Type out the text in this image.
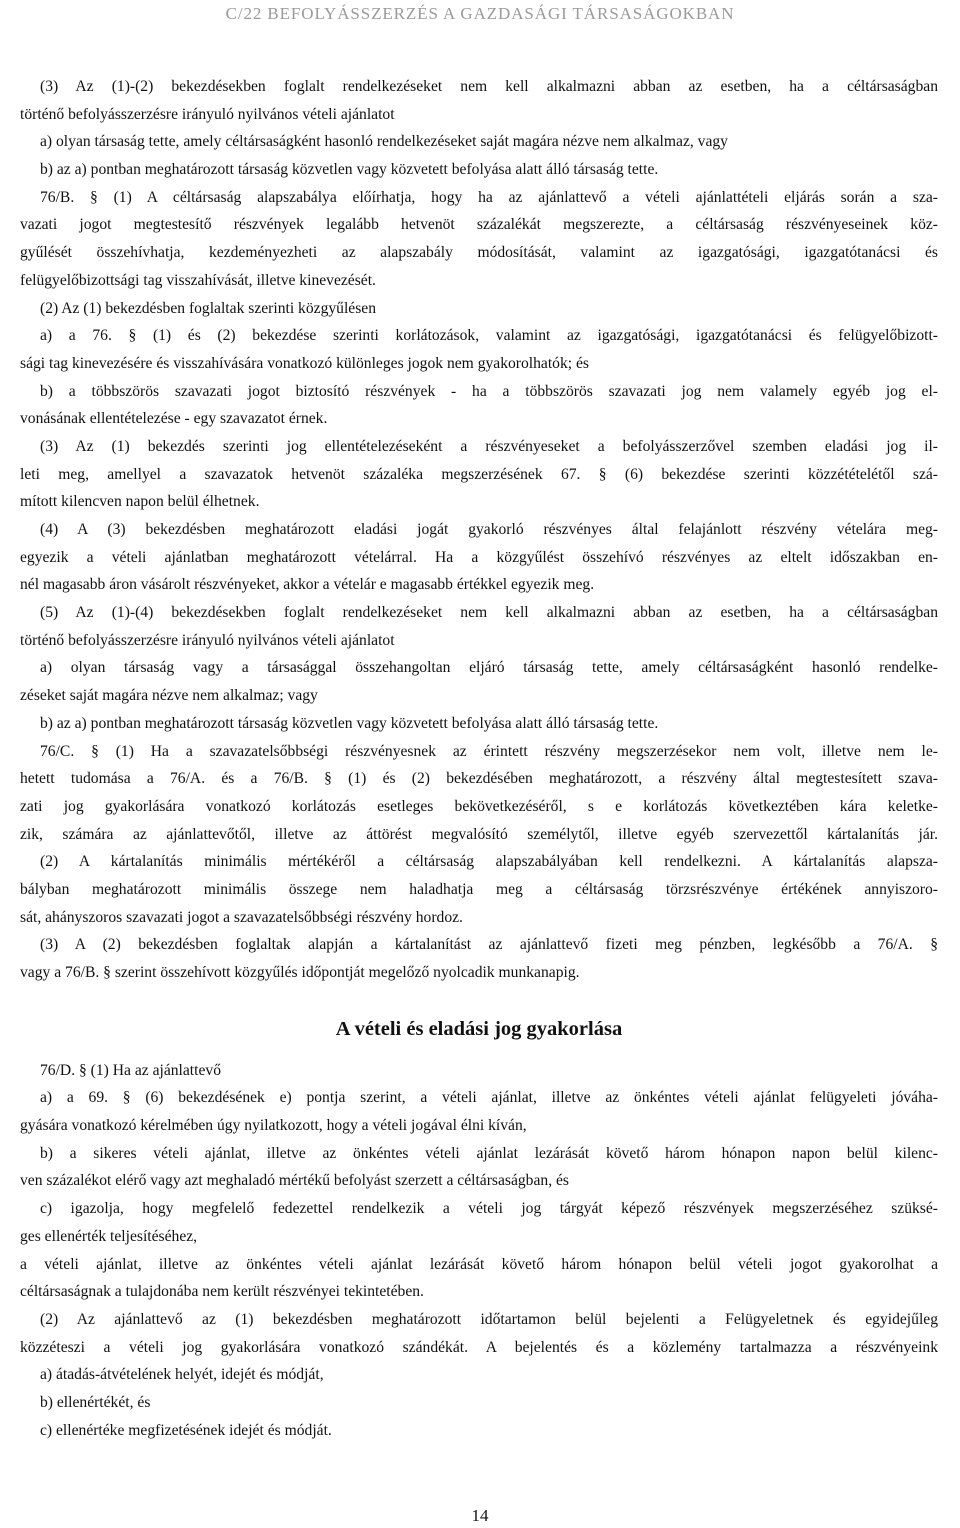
C/22 BEFOLYÁSSZERZÉS A GAZDASÁGI TÁRSASÁGOKBAN
(3) Az (1)-(2) bekezdésekben foglalt rendelkezéseket nem kell alkalmazni abban az esetben, ha a céltársaságban
történő befolyásszerzésre irányuló nyilvános vételi ajánlatot
a) olyan társaság tette, amely céltársaságként hasonló rendelkezéseket saját magára nézve nem alkalmaz, vagy
b) az a) pontban meghatározott társaság közvetlen vagy közvetett befolyása alatt álló társaság tette.
76/B. § (1) A céltársaság alapszabálya előírhatja, hogy ha az ajánlattevő a vételi ajánlattételi eljárás során a sza-
vazati jogot megtestesítő részvények legalább hetvenöt százalékát megszerezte, a céltársaság részvényeseinek köz-
gyűlését összehívhatja, kezdeményezheti az alapszabály módosítását, valamint az igazgatósági, igazgatótanácsi és
felügyelőbizottsági tag visszahívását, illetve kinevezését.
(2) Az (1) bekezdésben foglaltak szerinti közgyűlésen
a) a 76. § (1) és (2) bekezdése szerinti korlátozások, valamint az igazgatósági, igazgatótanácsi és felügyelőbizott-
sági tag kinevezésére és visszahívására vonatkozó különleges jogok nem gyakorolhatók; és
b) a többszörös szavazati jogot biztosító részvények - ha a többszörös szavazati jog nem valamely egyéb jog el-
vonásának ellentételezése - egy szavazatot érnek.
(3) Az (1) bekezdés szerinti jog ellentételezéseként a részvényeseket a befolyásszerzővel szemben eladási jog il-
leti meg, amellyel a szavazatok hetvenöt százaléka megszerzésének 67. § (6) bekezdése szerinti közzétételétől szá-
mított kilencven napon belül élhetnek.
(4) A (3) bekezdésben meghatározott eladási jogát gyakorló részvényes által felajánlott részvény vételára meg-
egyezik a vételi ajánlatban meghatározott vételárral. Ha a közgyűlést összehívó részvényes az eltelt időszakban en-
nél magasabb áron vásárolt részvényeket, akkor a vételár e magasabb értékkel egyezik meg.
(5) Az (1)-(4) bekezdésekben foglalt rendelkezéseket nem kell alkalmazni abban az esetben, ha a céltársaságban
történő befolyásszerzésre irányuló nyilvános vételi ajánlatot
a) olyan társaság vagy a társasággal összehangoltan eljáró társaság tette, amely céltársaságként hasonló rendelke-
zéseket saját magára nézve nem alkalmaz; vagy
b) az a) pontban meghatározott társaság közvetlen vagy közvetett befolyása alatt álló társaság tette.
76/C. § (1) Ha a szavazatelsőbbségi részvényesnek az érintett részvény megszerzésekor nem volt, illetve nem le-
hetett tudomása a 76/A. és a 76/B. § (1) és (2) bekezdésében meghatározott, a részvény által megtestesített szava-
zati jog gyakorlására vonatkozó korlátozás esetleges bekövetkezéséről, s e korlátozás következtében kára keletke-
zik, számára az ajánlattevőtől, illetve az áttörést megvalósító személytől, illetve egyéb szervezettől kártalanítás jár.
(2) A kártalanítás minimális mértékéről a céltársaság alapszabályában kell rendelkezni. A kártalanítás alapsza-
bályban meghatározott minimális összege nem haladhatja meg a céltársaság törzsrészvénye értékének annyiszoro-
sát, ahányszoros szavazati jogot a szavazatelsőbbségi részvény hordoz.
(3) A (2) bekezdésben foglaltak alapján a kártalanítást az ajánlattevő fizeti meg pénzben, legkésőbb a 76/A. §
vagy a 76/B. § szerint összehívott közgyűlés időpontját megelőző nyolcadik munkanapig.
A vételi és eladási jog gyakorlása
76/D. § (1) Ha az ajánlattevő
a) a 69. § (6) bekezdésének e) pontja szerint, a vételi ajánlat, illetve az önkéntes vételi ajánlat felügyeleti jóváha-
gyására vonatkozó kérelmében úgy nyilatkozott, hogy a vételi jogával élni kíván,
b) a sikeres vételi ajánlat, illetve az önkéntes vételi ajánlat lezárását követő három hónapon napon belül kilenc-
ven százalékot elérő vagy azt meghaladó mértékű befolyást szerzett a céltársaságban, és
c) igazolja, hogy megfelelő fedezettel rendelkezik a vételi jog tárgyát képező részvények megszerzéséhez szüksé-
ges ellenérték teljesítéséhez,
a vételi ajánlat, illetve az önkéntes vételi ajánlat lezárását követő három hónapon belül vételi jogot gyakorolhat a
céltársaságnak a tulajdonába nem került részvényei tekintetében.
(2) Az ajánlattevő az (1) bekezdésben meghatározott időtartamon belül bejelenti a Felügyeletnek és egyidejűleg
közzéteszi a vételi jog gyakorlására vonatkozó szándékát. A bejelentés és a közlemény tartalmazza a részvényeink
a) átadás-átvételének helyét, idejét és módját,
b) ellenértékét, és
c) ellenértéke megfizetésének idejét és módját.
14
